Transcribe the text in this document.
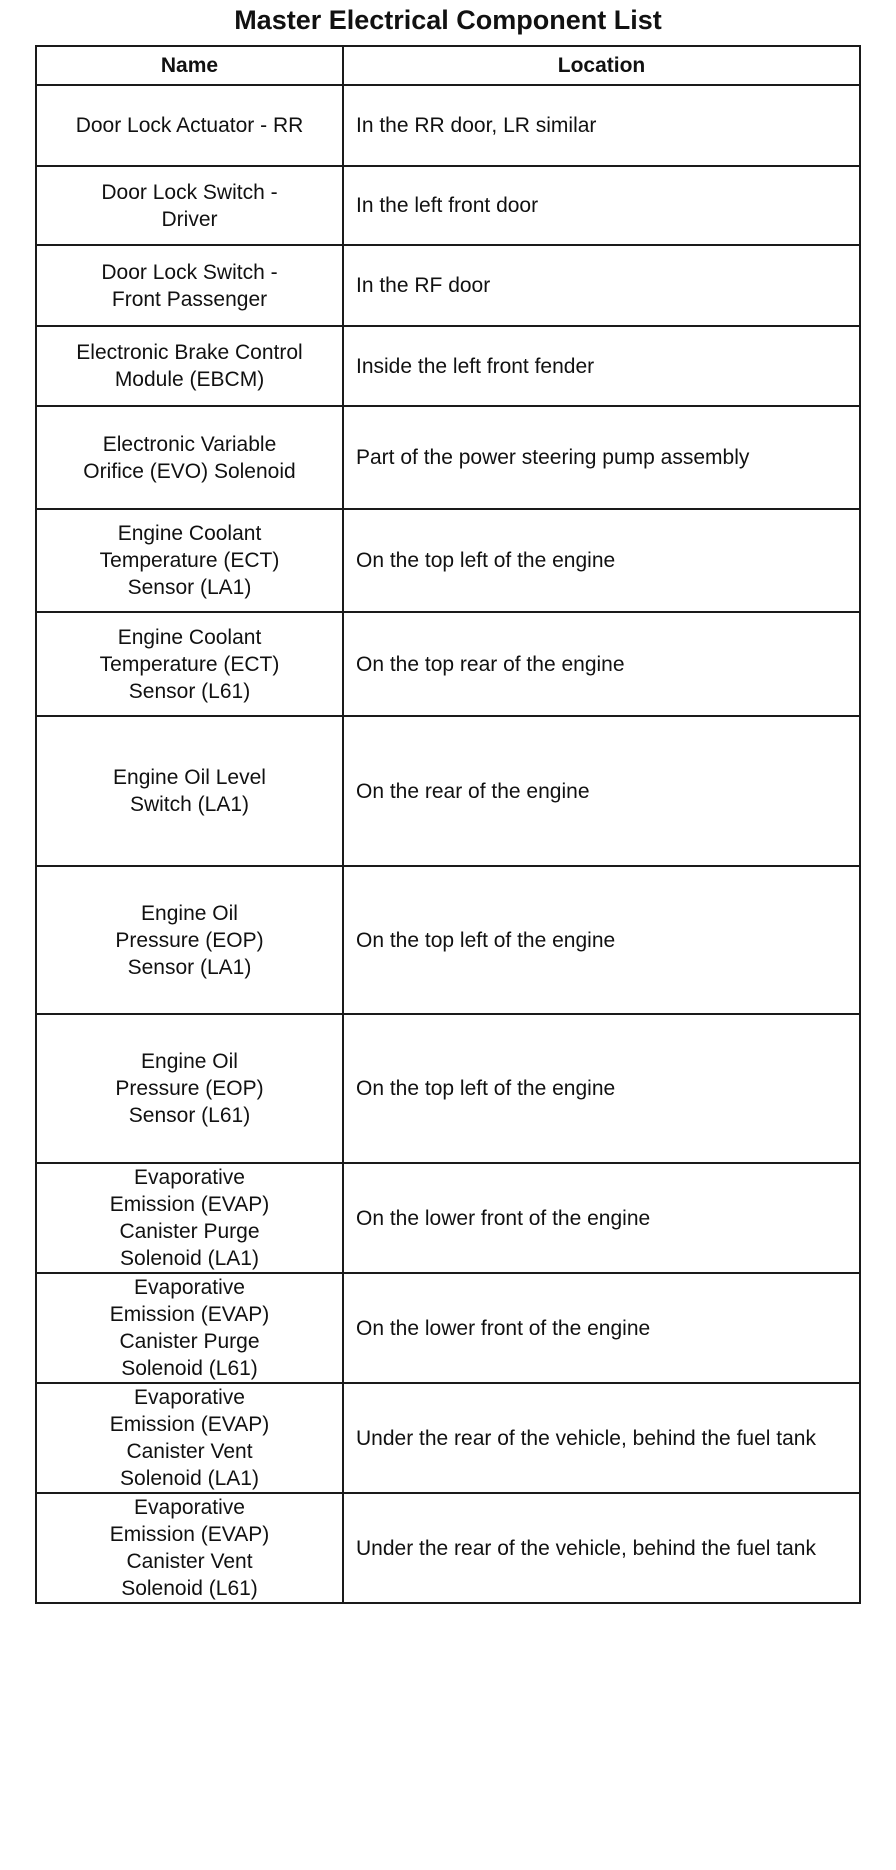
Master Electrical Component List
Name	Location
Door Lock Actuator - RR	In the RR door, LR similar
Door Lock Switch -
Driver	In the left front door
Door Lock Switch -
Front Passenger	In the RF door
Electronic Brake Control
Module (EBCM)	Inside the left front fender
Electronic Variable
Orifice (EVO) Solenoid	Part of the power steering pump assembly
Engine Coolant
Temperature (ECT)
Sensor (LA1)	On the top left of the engine
Engine Coolant
Temperature (ECT)
Sensor (L61)	On the top rear of the engine
Engine Oil Level
Switch (LA1)	On the rear of the engine
Engine Oil
Pressure (EOP)
Sensor (LA1)	On the top left of the engine
Engine Oil
Pressure (EOP)
Sensor (L61)	On the top left of the engine
Evaporative
Emission (EVAP)
Canister Purge
Solenoid (LA1)	On the lower front of the engine
Evaporative
Emission (EVAP)
Canister Purge
Solenoid (L61)	On the lower front of the engine
Evaporative
Emission (EVAP)
Canister Vent
Solenoid (LA1)	Under the rear of the vehicle, behind the fuel tank
Evaporative
Emission (EVAP)
Canister Vent
Solenoid (L61)	Under the rear of the vehicle, behind the fuel tank
